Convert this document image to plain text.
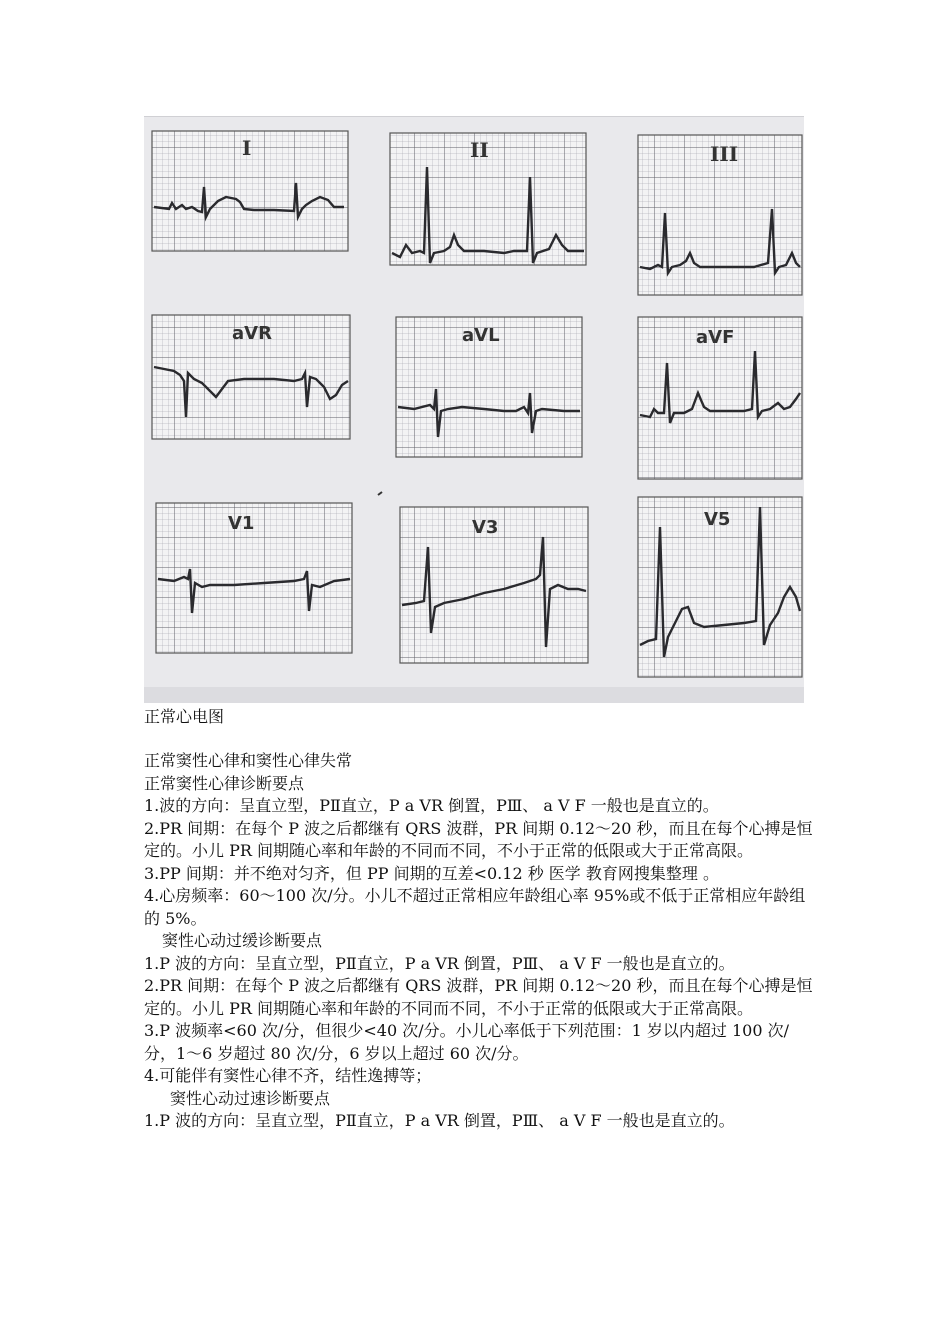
I	II	III
aVR	aVL	aVF
V1	V3	V5
正常心电图

正常窦性心律和窦性心律失常

正常窦性心律诊断要点

1.波的方向：呈直立型，PⅡ直立，P a VR 倒置，PⅢ、 a V F 一般也是直立的。

2.PR 间期：在每个 P 波之后都继有 QRS 波群，PR 间期 0.12～20 秒，而且在每个心搏是恒定的。小儿 PR 间期随心率和年龄的不同而不同，不小于正常的低限或大于正常高限。

3.PP 间期：并不绝对匀齐，但 PP 间期的互差<0.12 秒 医学 教育网搜集整理 。

4.心房频率：60～100 次/分。小儿不超过正常相应年龄组心率 95%或不低于正常相应年龄组的 5%。

窦性心动过缓诊断要点

1.P 波的方向：呈直立型，PⅡ直立，P a VR 倒置，PⅢ、 a V F 一般也是直立的。

2.PR 间期：在每个 P 波之后都继有 QRS 波群，PR 间期 0.12～20 秒，而且在每个心搏是恒定的。小儿 PR 间期随心率和年龄的不同而不同，不小于正常的低限或大于正常高限。

3.P 波频率<60 次/分，但很少<40 次/分。小儿心率低于下列范围：1 岁以内超过 100 次/分，1～6 岁超过 80 次/分，6 岁以上超过 60 次/分。

4.可能伴有窦性心律不齐，结性逸搏等；

窦性心动过速诊断要点

1.P 波的方向：呈直立型，PⅡ直立，P a VR 倒置，PⅢ、 a V F 一般也是直立的。
